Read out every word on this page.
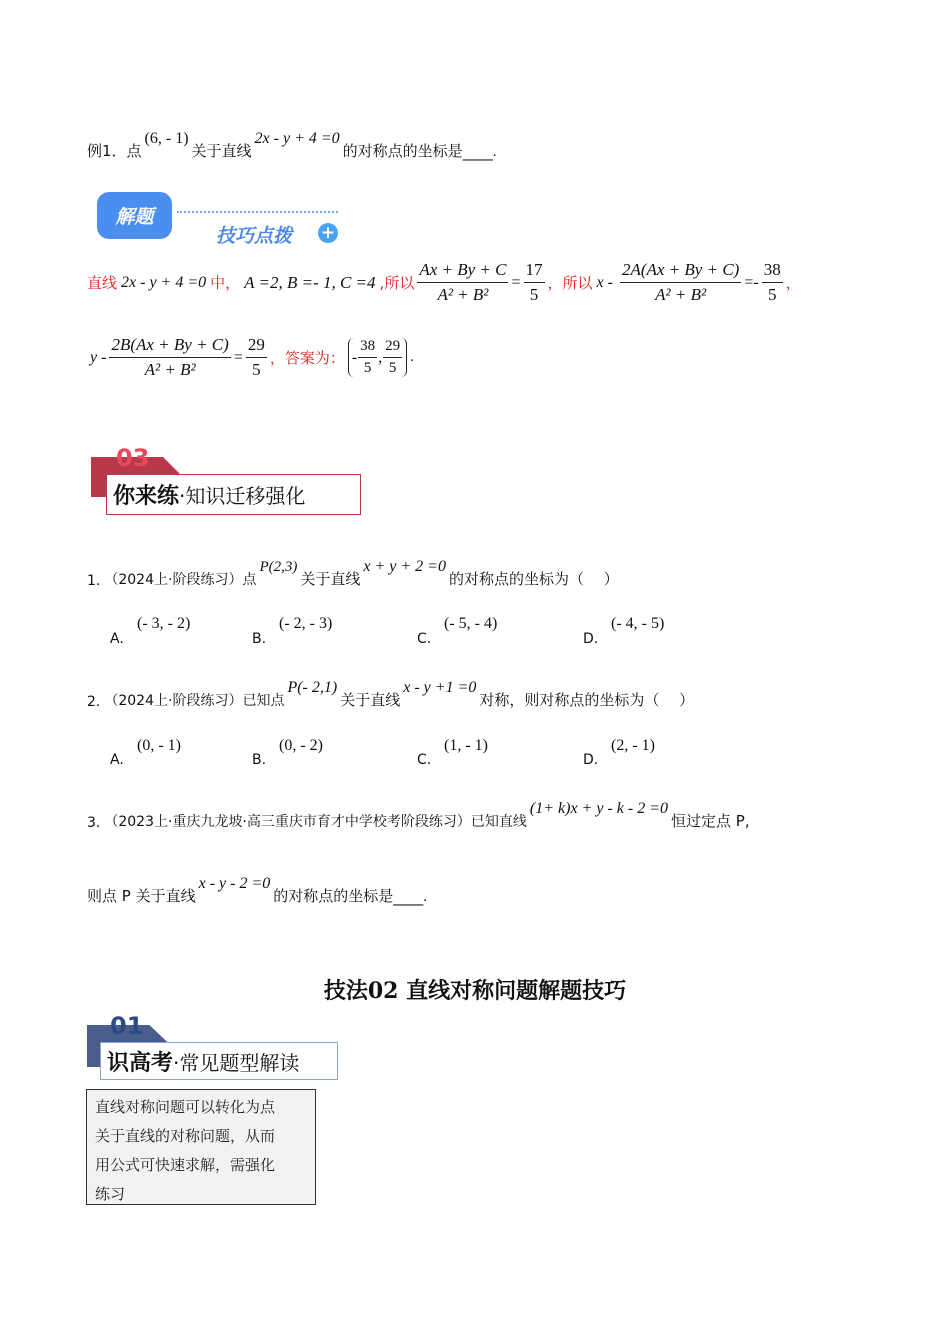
例1．点
(6, - 1)
关于直线
2x - y + 4 =0
的对称点的坐标是 ____ .
解题
技巧点拨 +
直线 2x - y + 4 =0 中， A =2, B =- 1, C =4 ,所以 $\frac{Ax + By + C}{\text{A² + B²}} = \frac{17}{5}$ ，所以 $x - \frac{2A(Ax + By + C)}{\text{A² + B²}} =- \frac{38}{5}$ ，
$y - \frac{2B(Ax + By + C)}{\text{A² + B²}} = \frac{29}{5}$ ，答案为： - $\frac{38}{5}$ , $\frac{29}{5}$ .
03
你来练 ·知识迁移强化
1. （2024上·阶段练习）点
P(2,3)
关于直线
x + y + 2 =0
的对称点的坐标为（　 ）
A.
(- 3, - 2)
B.
(- 2, - 3)
C.
(- 5, - 4)
D.
(- 4, - 5)
2. （2024上·阶段练习）已知点
P(- 2,1)
关于直线
x - y +1 =0
对称，则对称点的坐标为（　 ）
A.
(0, - 1)
B.
(0, - 2)
C.
(1, - 1)
D.
(2, - 1)
3. （2023上·重庆九龙坡·高三重庆市育才中学校考阶段练习）已知直线
(1+ k)x + y - k - 2 =0
恒过定点 P,
则点 P 关于直线
x - y - 2 =0
的对称点的坐标是 ____ .
技法02 直线对称问题解题技巧
01
识高考 ·常见题型解读
直线对称问题可以转化为点
关于直线的对称问题，从而
用公式可快速求解，需强化
练习
